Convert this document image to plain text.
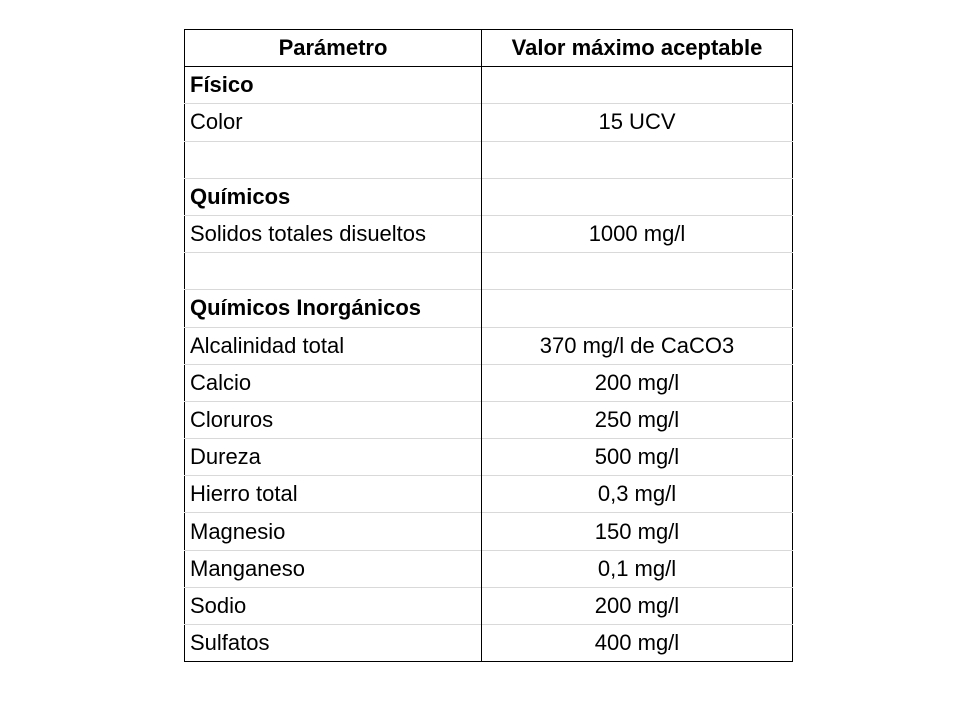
Parámetro	Valor máximo aceptable
Físico	
Color	15 UCV

Químicos	
Solidos totales disueltos	1000 mg/l

Químicos Inorgánicos	
Alcalinidad total	370 mg/l de CaCO3
Calcio	200 mg/l
Cloruros	250 mg/l
Dureza	500 mg/l
Hierro total	0,3 mg/l
Magnesio	150 mg/l
Manganeso	0,1 mg/l
Sodio	200 mg/l
Sulfatos	400 mg/l
